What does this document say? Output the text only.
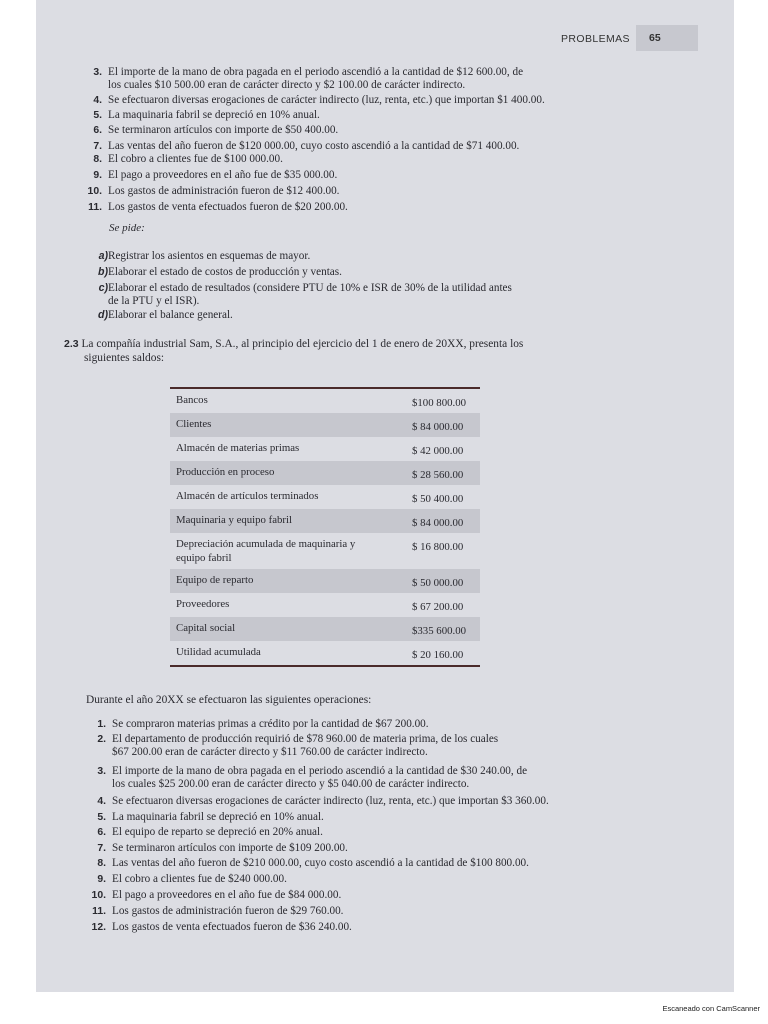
PROBLEMAS 65
3. El importe de la mano de obra pagada en el periodo ascendió a la cantidad de $12 600.00, de
los cuales $10 500.00 eran de carácter directo y $2 100.00 de carácter indirecto.
4. Se efectuaron diversas erogaciones de carácter indirecto (luz, renta, etc.) que importan $1 400.00.
5. La maquinaria fabril se depreció en 10% anual.
6. Se terminaron artículos con importe de $50 400.00.
7. Las ventas del año fueron de $120 000.00, cuyo costo ascendió a la cantidad de $71 400.00.
8. El cobro a clientes fue de $100 000.00.
9. El pago a proveedores en el año fue de $35 000.00.
10. Los gastos de administración fueron de $12 400.00.
11. Los gastos de venta efectuados fueron de $20 200.00.
Se pide:
a) Registrar los asientos en esquemas de mayor.
b) Elaborar el estado de costos de producción y ventas.
c) Elaborar el estado de resultados (considere PTU de 10% e ISR de 30% de la utilidad antes
de la PTU y el ISR).
d) Elaborar el balance general.
2.3 La compañía industrial Sam, S.A., al principio del ejercicio del 1 de enero de 20XX, presenta los
siguientes saldos:
Bancos	$100 800.00
Clientes	$ 84 000.00
Almacén de materias primas	$ 42 000.00
Producción en proceso	$ 28 560.00
Almacén de artículos terminados	$ 50 400.00
Maquinaria y equipo fabril	$ 84 000.00
Depreciación acumulada de maquinaria y
equipo fabril
$ 16 800.00
Equipo de reparto	$ 50 000.00
Proveedores	$ 67 200.00
Capital social	$335 600.00
Utilidad acumulada	$ 20 160.00
Durante el año 20XX se efectuaron las siguientes operaciones:
1. Se compraron materias primas a crédito por la cantidad de $67 200.00.
2. El departamento de producción requirió de $78 960.00 de materia prima, de los cuales
$67 200.00 eran de carácter directo y $11 760.00 de carácter indirecto.
3. El importe de la mano de obra pagada en el periodo ascendió a la cantidad de $30 240.00, de
los cuales $25 200.00 eran de carácter directo y $5 040.00 de carácter indirecto.
4. Se efectuaron diversas erogaciones de carácter indirecto (luz, renta, etc.) que importan $3 360.00.
5. La maquinaria fabril se depreció en 10% anual.
6. El equipo de reparto se depreció en 20% anual.
7. Se terminaron artículos con importe de $109 200.00.
8. Las ventas del año fueron de $210 000.00, cuyo costo ascendió a la cantidad de $100 800.00.
9. El cobro a clientes fue de $240 000.00.
10. El pago a proveedores en el año fue de $84 000.00.
11. Los gastos de administración fueron de $29 760.00.
12. Los gastos de venta efectuados fueron de $36 240.00.
Escaneado con CamScanner
